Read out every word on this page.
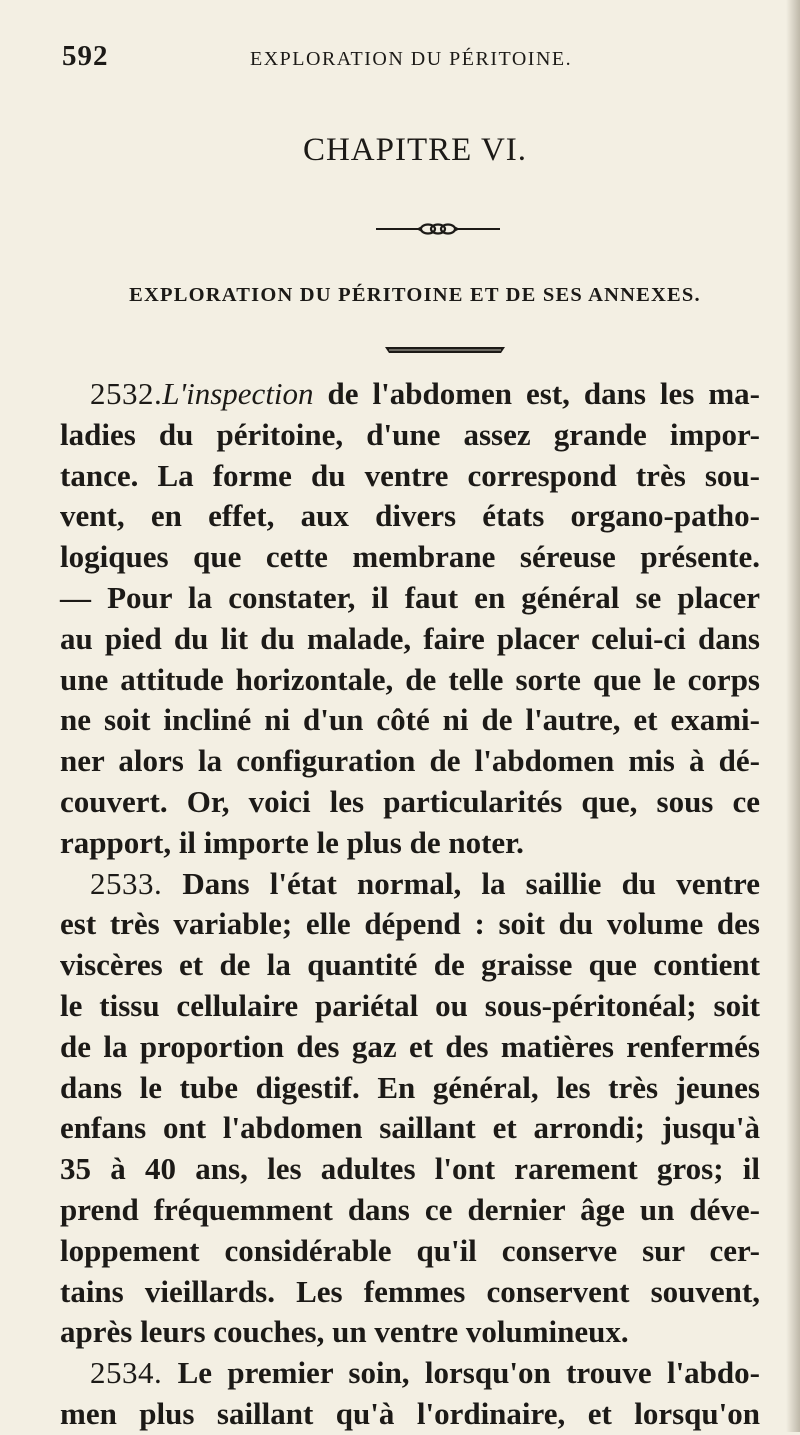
592	EXPLORATION DU PÉRITOINE.
CHAPITRE VI.
EXPLORATION DU PÉRITOINE ET DE SES ANNEXES.
2532.L'inspection de l'abdomen est, dans les ma-
ladies du péritoine, d'une assez grande impor-
tance. La forme du ventre correspond très sou-
vent, en effet, aux divers états organo-patho-
logiques que cette membrane séreuse présente.
— Pour la constater, il faut en général se placer
au pied du lit du malade, faire placer celui-ci dans
une attitude horizontale, de telle sorte que le corps
ne soit incliné ni d'un côté ni de l'autre, et exami-
ner alors la configuration de l'abdomen mis à dé-
couvert. Or, voici les particularités que, sous ce
rapport, il importe le plus de noter.
2533. Dans l'état normal, la saillie du ventre
est très variable; elle dépend : soit du volume des
viscères et de la quantité de graisse que contient
le tissu cellulaire pariétal ou sous-péritonéal; soit
de la proportion des gaz et des matières renfermés
dans le tube digestif. En général, les très jeunes
enfans ont l'abdomen saillant et arrondi; jusqu'à
35 à 40 ans, les adultes l'ont rarement gros; il
prend fréquemment dans ce dernier âge un déve-
loppement considérable qu'il conserve sur cer-
tains vieillards. Les femmes conservent souvent,
après leurs couches, un ventre volumineux.
2534. Le premier soin, lorsqu'on trouve l'abdo-
men plus saillant qu'à l'ordinaire, et lorsqu'on
